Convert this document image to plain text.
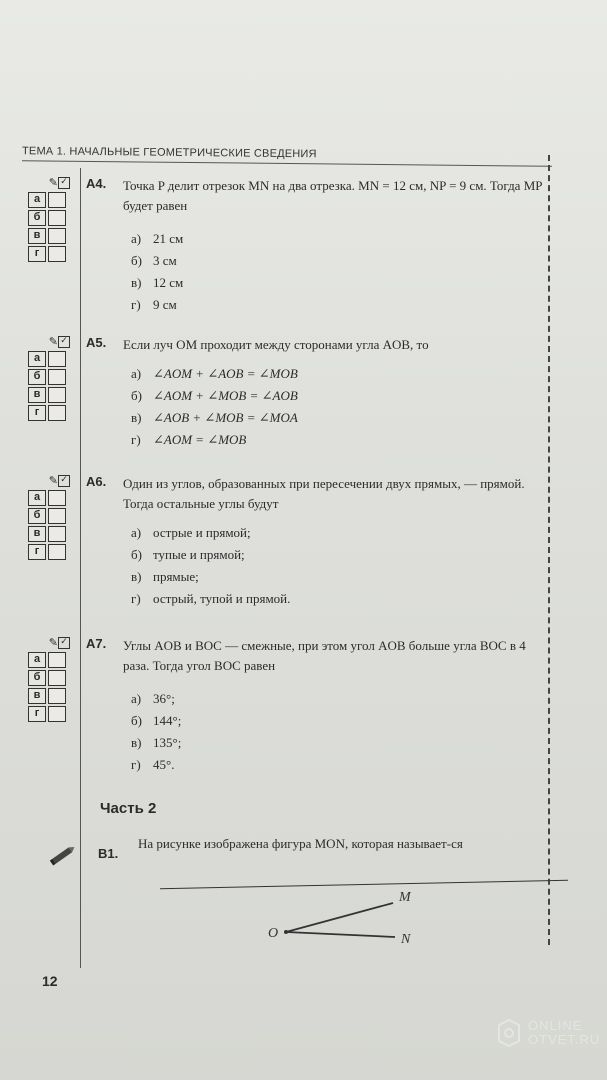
ТЕМА 1. НАЧАЛЬНЫЕ ГЕОМЕТРИЧЕСКИЕ СВЕДЕНИЯ
✎ ✓
а
б
в
г
А4. Точка P делит отрезок MN на два отрезка. MN = 12 см, NP = 9 см. Тогда MP будет равен
а) 21 см
б) 3 см
в) 12 см
г) 9 см
✎ ✓
а
б
в
г
А5. Если луч OM проходит между сторонами угла AOB, то
а) ∠AOM + ∠AOB = ∠MOB
б) ∠AOM + ∠MOB = ∠AOB
в) ∠AOB + ∠MOB = ∠MOA
г) ∠AOM = ∠MOB
✎ ✓
а
б
в
г
А6. Один из углов, образованных при пересечении двух прямых, — прямой. Тогда остальные углы будут
а) острые и прямой;
б) тупые и прямой;
в) прямые;
г) острый, тупой и прямой.
✎ ✓
а
б
в
г
А7. Углы AOB и BOC — смежные, при этом угол AOB больше угла BOC в 4 раза. Тогда угол BOC равен
а) 36°;
б) 144°;
в) 135°;
г) 45°.
Часть 2
В1.
На рисунке изображена фигура MON, которая называет-ся
O
M
N
12
ONLINE
OTVET.RU
